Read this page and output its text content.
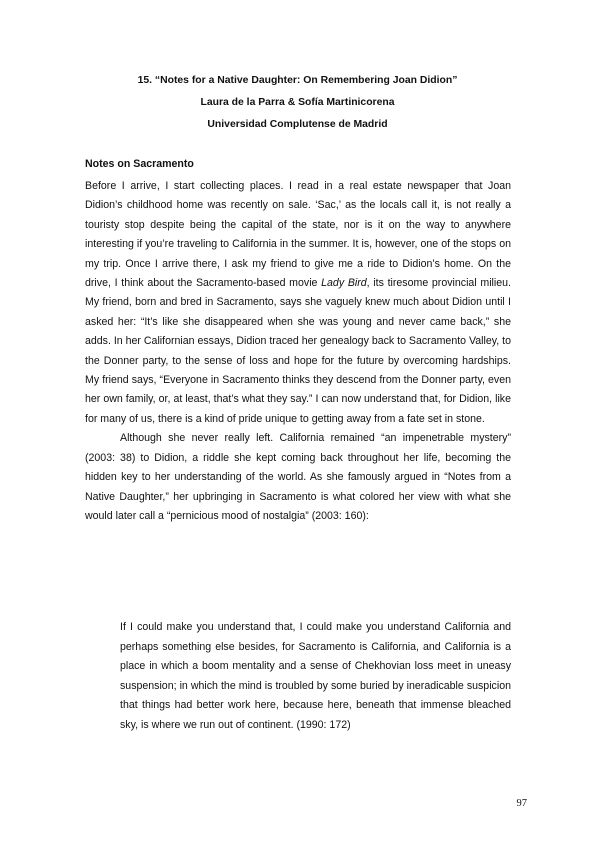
15. “Notes for a Native Daughter: On Remembering Joan Didion”
Laura de la Parra & Sofía Martinicorena
Universidad Complutense de Madrid
Notes on Sacramento

Before I arrive, I start collecting places. I read in a real estate newspaper that Joan Didion’s childhood home was recently on sale. ‘Sac,’ as the locals call it, is not really a touristy stop despite being the capital of the state, nor is it on the way to anywhere interesting if you’re traveling to California in the summer. It is, however, one of the stops on my trip. Once I arrive there, I ask my friend to give me a ride to Didion’s home. On the drive, I think about the Sacramento-based movie Lady Bird, its tiresome provincial milieu. My friend, born and bred in Sacramento, says she vaguely knew much about Didion until I asked her: “It’s like she disappeared when she was young and never came back,” she adds. In her Californian essays, Didion traced her genealogy back to Sacramento Valley, to the Donner party, to the sense of loss and hope for the future by overcoming hardships. My friend says, “Everyone in Sacramento thinks they descend from the Donner party, even her own family, or, at least, that’s what they say.” I can now understand that, for Didion, like for many of us, there is a kind of pride unique to getting away from a fate set in stone.

Although she never really left. California remained “an impenetrable mystery” (2003: 38) to Didion, a riddle she kept coming back throughout her life, becoming the hidden key to her understanding of the world. As she famously argued in “Notes from a Native Daughter,” her upbringing in Sacramento is what colored her view with what she would later call a “pernicious mood of nostalgia” (2003: 160):

If I could make you understand that, I could make you understand California and perhaps something else besides, for Sacramento is California, and California is a place in which a boom mentality and a sense of Chekhovian loss meet in uneasy suspension; in which the mind is troubled by some buried by ineradicable suspicion that things had better work here, because here, beneath that immense bleached sky, is where we run out of continent. (1990: 172)

97
